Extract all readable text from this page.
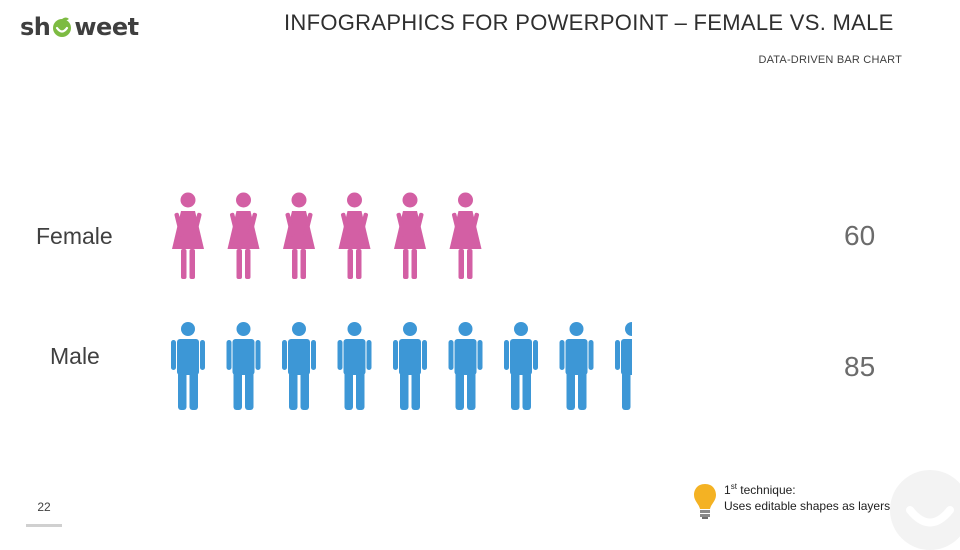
sh weet	INFOGRAPHICS FOR POWERPOINT – FEMALE VS. MALE
DATA-DRIVEN BAR CHART
Female
Male
60
85
22
1st technique:
Uses editable shapes as layers
